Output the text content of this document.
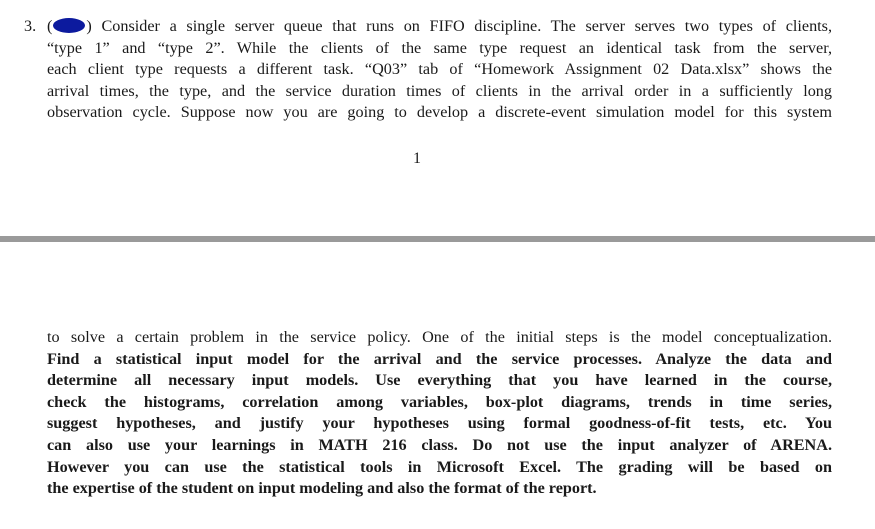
3. ( ) Consider a single server queue that runs on FIFO discipline. The server serves two types of clients,
“type 1” and “type 2”. While the clients of the same type request an identical task from the server,
each client type requests a different task. “Q03” tab of “Homework Assignment 02 Data.xlsx” shows the
arrival times, the type, and the service duration times of clients in the arrival order in a sufficiently long
observation cycle. Suppose now you are going to develop a discrete-event simulation model for this system
1
to solve a certain problem in the service policy. One of the initial steps is the model conceptualization.
Find a statistical input model for the arrival and the service processes. Analyze the data and
determine all necessary input models. Use everything that you have learned in the course,
check the histograms, correlation among variables, box-plot diagrams, trends in time series,
suggest hypotheses, and justify your hypotheses using formal goodness-of-fit tests, etc. You
can also use your learnings in MATH 216 class. Do not use the input analyzer of ARENA.
However you can use the statistical tools in Microsoft Excel. The grading will be based on
the expertise of the student on input modeling and also the format of the report.
